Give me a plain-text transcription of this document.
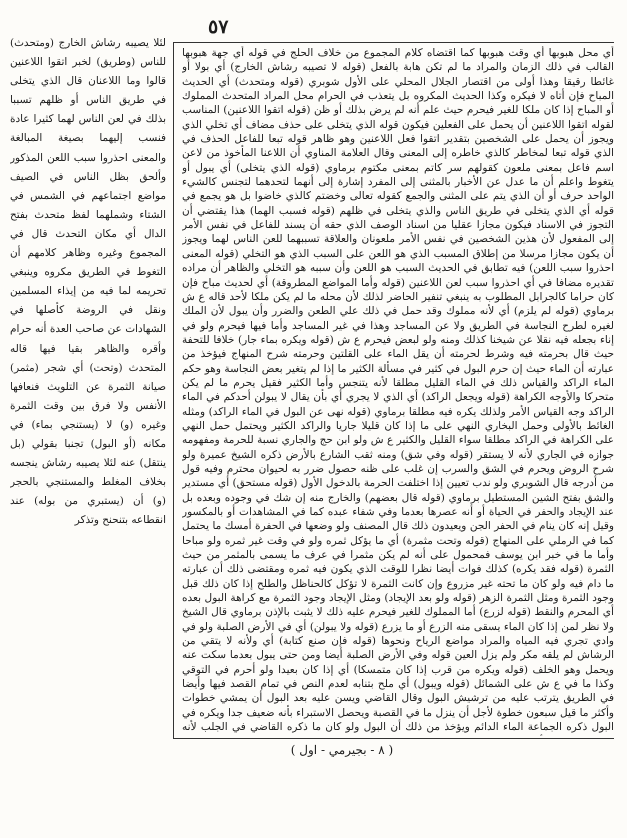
٥٧

أي محل هبوبها أي وقت هبوبها كما اقتضاه كلام المجموع من خلاف الحلج في قوله أي جهة هبوبها القالب في ذلك الزمان والمراد ما لم تكن هابة بالفعل (قوله لا تصيبه رشاش الخارج) أي بولا أو غائطا رقيقا وهذا أولى من اقتصار الجلال المحلي على الأول شوبري (قوله ومتحدث) أي الحديث المباح فإن أتاه لا فيكره وكذا الحديث المكروه بل يتعذب في الحرام محل المراد المتحدث المملوك أو المباح إذا كان ملكا للغير فيحرم حيث علم أنه لم يرض بذلك أو ظن (قوله اتقوا اللاعنين) المناسب لقوله اتقوا اللاعنين أن يحمل على الفعلين فيكون قوله الذي يتخلى على حذف مضاف أي تخلي الذي ويجوز أن يحمل على الشخصين بتقدير اتقوا فعل اللاعنين وهو ظاهر قوله تبعا للفاعل الحذف في الذي قوله تبعا لمخاطر كالذي خاطره إلى المعنى وقال العلامة المناوي أن اللاعنا المأخوذ من لاعن اسم فاعل بمعنى ملعون كقولهم سر كاتم بمعنى مكتوم برماوي (قوله الذي يتخلى) أي يبول أو يتغوط واعلم أن ما عدل عن الأخبار بالمثنى إلى المفرد إشارة إلى أنهما لتحدهما لتجنس كالشيء الواحد حرف أو أن الذي يتم على المثنى والجمع كقوله تعالى وخضتم كالذي خاضوا بل هو يجمع في قوله أي الذي يتخلى في طريق الناس والذي يتخلى في ظلهم (قوله فسبب الهما) هذا يقتضي أن التجوز في الاسناد فيكون مجازا عقليا من اسناد الوصف الذي حقه أن يسند للفاعل في نفس الأمر إلى المفعول لأن هذين الشخصين في نفس الأمر ملعونان والعلاقة تسببهما للعن الناس لهما ويجوز أن يكون مجازا مرسلا من إطلاق المسبب الذي هو اللعن على السبب الذي هو التخلي (قوله المعنى احذروا سبب اللعن) فيه تطابق في الحديث السبب هو اللعن وأن سببه هو التخلي والظاهر أن مراده تقديره مضافا في أي احذروا سبب لعن اللاعنين (قوله وأما المواضع المطروقة) أي لحديث مباح فإن كان حراما كالجرابل المطلوب به ينبغي تنفير الحاضر لذلك لأن محله ما لم يكن ملكا لأحد قاله ع ش برماوي (قوله لم يلزم) أي لأنه مملوك وقد حمل في ذلك علي الطعن والضرر وأن يبول لأن الملك لغيره لطرح النجاسة في الطريق ولا عن المساجد وهذا في غير المساجد وأما فيها فيحرم ولو في إناء بجعله فيه نقلا عن شيخنا كذلك ومنه ولو لبعض فيحرم ع ش (قوله ويكره بماء جار) خلافا للتحفة حيث قال بحرمته فيه وشرط لحرمته أن يقل الماء على القلتين وحرمته شرح المنهاج فيؤخذ من عبارته أن الماء حيث إن حرم البول في كثير في مسألة الكثير ما إذا لم يتغير بعض النجاسة وهو حكم الماء الراكد والقياس ذلك في الماء القليل مطلقا لأنه يتنجس وأما الكثير فقيل يحرم ما لم يكن متحركا والأوجه الكراهة (قوله ويجعل الراكد) أي الذي لا يجري أي بأن يقال لا يبولن أحدكم في الماء الراكد وجه القياس الأمر ولذلك يكره فيه مطلقا برماوي (قوله نهى عن البول في الماء الراكد) ومثله الغائط بالأولى وحمل البخاري النهي على ما إذا كان قليلا جاريا والراكد الكثير ويحتمل حمل النهي على الكراهة في الراكد مطلقا سواء القليل والكثير ع ش ولو ابن حج والجاري نسبة للحرمة ومفهومه جوازه في الجاري لأنه لا يستقر (قوله وفي شق) ومنه ثقب الشارع بالأرض ذكره الشيخ عميرة ولو شرح الروض ويحرم في الشق والسرب إن غلب على ظنه حصول ضرر به لحيوان محترم وفيه قول من أدرجه قال الشوبري ولو ندب تعيين إذا اختلفت الحرمة بالدخول الأول (قوله مستحق) أي مستدير والشق بفتح الشين المستطيل برماوي (قوله قال بعضهم) والخارج منه إن شك في وجوده وبعده بل عند الإيجاد والحفر في الحياة أو أنه عصرها بعدما وفي شفاء عبده كما في المشاهدات أو بالمكسور وقيل إنه كان ينام في الحفر الجن ويعيدون ذلك قال المصنف ولو وضعها في الحفرة أمسك ما يحتمل كما في الرملي على المنهاج (قوله وتحت مثمرة) أي ما يؤكل ثمره ولو في وقت غير ثمره ولو مباحا وأما ما في خبر ابن يوسف فمحمول على أنه لم يكن مثمرا في عرف ما يسمى بالمثمر من حيث الثمرة (قوله فقد يكره) كذلك فوات أيضا نظرا للوقت الذي يكون فيه ثمره ومقتضى ذلك أن عبارته ما دام فيه ولو كان ما تحته غير مزروع وإن كانت الثمرة لا تؤكل كالحناظل والطلح إذا كان ذلك قبل وجود الثمرة ومثل الثمرة الزهر (قوله ولو بعد الإيجاد) ومثل الإيجاد وجود الثمرة مع كراهة البول بعده أي المحرم والنقط (قوله لزرع) أما المملوك للغير فيحرم عليه ذلك لا يثبت بالإذن برماوي قال الشيخ ولا نظر لمن إذا كان الماء يسقى منه الزرع أو ما يزرع (قوله ولا يبولن) أي في الأرض الصلبة ولو في وادي تجري فيه المياه والمراد مواضع الرياح ونحوها (قوله فإن صنع كتابة) أي ولأنه لا يتقي من الرشاش لم يلقه مكر ولم يزل العين قوله وفي الأرض الصلبة أيضا ومن حتى يبول بعدما سكت عنه ويحمل وهو الخلف (قوله ويكره من قرب إذا كان متمسكا) أي إذا كان بعيدا ولو أحرم في التوقي وكذا ما في ع ش على الشمائل (قوله ويبول) أي ملح بتنابه لعدم النص في تمام القصد فيها وأيضا في الطريق يترتب عليه من ترشيش البول وقال القاضي ويسن عليه بعد البول أن يمشي خطوات وأكثر ما قيل سبعون خطوة لأجل أن ينزل ما في القصبة ويحصل الاستبراء بأنه ضعيف جدا ويكره في البول ذكره الجماعة الماء الدائم ويؤخذ من ذلك أن البول ولو كان ما ذكره القاضي في الجلب لأنه

لئلا يصيبه رشاش الخارج (ومتحدث) للناس (وطريق) لخبر اتقوا اللاعنين قالوا وما اللاعنان قال الذي يتخلى في طريق الناس أو ظلهم تسببا بذلك في لعن الناس لهما كثيرا عادة فنسب إليهما بصيغة المبالغة والمعنى احذروا سبب اللعن المذكور وألحق بظل الناس في الصيف مواضع اجتماعهم في الشمس في الشتاء وشملهما لفظ متحدث بفتح الدال أي مكان التحدث قال في المجموع وغيره وظاهر كلامهم أن التغوط في الطريق مكروه وينبغي تحريمه لما فيه من إيذاء المسلمين ونقل في الروضة كأصلها في الشهادات عن صاحب العدة أنه حرام وأقره والظاهر بقيا فيها قاله المتحدث (وتحت) أي شجر (مثمر) صيانة الثمرة عن التلويث فنعافها الأنفس ولا فرق بين وقت الثمرة وغيره (و) لا (يستنجي بماء) في مكانه (أو البول) تجنبا بقولي (بل ينتقل) عنه لئلا يصيبه رشاش ينجسه بخلاف المغلط والمستنجي بالحجر (و) أن (يستبري من بوله) عند انقطاعه بتنحنح وتذكر

( ٨ - بجيرمي - اول )
